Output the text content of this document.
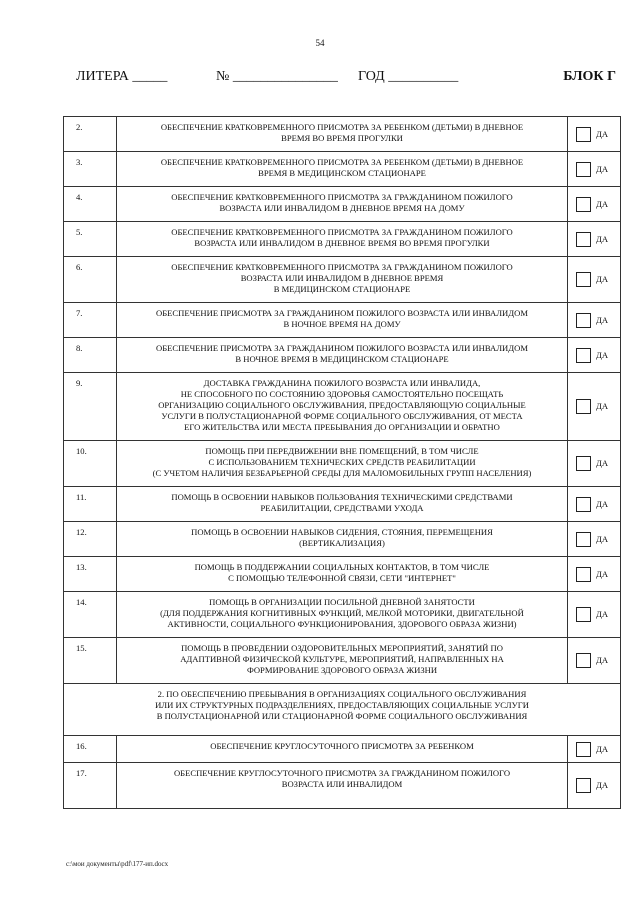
54
ЛИТЕРА _____	№ _______________ ГОД __________	БЛОК Г
2.	ОБЕСПЕЧЕНИЕ КРАТКОВРЕМЕННОГО ПРИСМОТРА ЗА РЕБЕНКОМ (ДЕТЬМИ) В ДНЕВНОЕ
ВРЕМЯ ВО ВРЕМЯ ПРОГУЛКИ	ДА

3.	ОБЕСПЕЧЕНИЕ КРАТКОВРЕМЕННОГО ПРИСМОТРА ЗА РЕБЕНКОМ (ДЕТЬМИ) В ДНЕВНОЕ
ВРЕМЯ В МЕДИЦИНСКОМ СТАЦИОНАРЕ	ДА

4.	ОБЕСПЕЧЕНИЕ КРАТКОВРЕМЕННОГО ПРИСМОТРА ЗА ГРАЖДАНИНОМ ПОЖИЛОГО
ВОЗРАСТА ИЛИ ИНВАЛИДОМ В ДНЕВНОЕ ВРЕМЯ НА ДОМУ	ДА

5.	ОБЕСПЕЧЕНИЕ КРАТКОВРЕМЕННОГО ПРИСМОТРА ЗА ГРАЖДАНИНОМ ПОЖИЛОГО
ВОЗРАСТА ИЛИ ИНВАЛИДОМ В ДНЕВНОЕ ВРЕМЯ ВО ВРЕМЯ ПРОГУЛКИ	ДА

6.	ОБЕСПЕЧЕНИЕ КРАТКОВРЕМЕННОГО ПРИСМОТРА ЗА ГРАЖДАНИНОМ ПОЖИЛОГО
ВОЗРАСТА ИЛИ ИНВАЛИДОМ В ДНЕВНОЕ ВРЕМЯ
В МЕДИЦИНСКОМ СТАЦИОНАРЕ	ДА

7.	ОБЕСПЕЧЕНИЕ ПРИСМОТРА ЗА ГРАЖДАНИНОМ ПОЖИЛОГО ВОЗРАСТА ИЛИ ИНВАЛИДОМ
В НОЧНОЕ ВРЕМЯ НА ДОМУ	ДА

8.	ОБЕСПЕЧЕНИЕ ПРИСМОТРА ЗА ГРАЖДАНИНОМ ПОЖИЛОГО ВОЗРАСТА ИЛИ ИНВАЛИДОМ
В НОЧНОЕ ВРЕМЯ В МЕДИЦИНСКОМ СТАЦИОНАРЕ	ДА

9.	ДОСТАВКА ГРАЖДАНИНА ПОЖИЛОГО ВОЗРАСТА ИЛИ ИНВАЛИДА,
НЕ СПОСОБНОГО ПО СОСТОЯНИЮ ЗДОРОВЬЯ САМОСТОЯТЕЛЬНО ПОСЕЩАТЬ
ОРГАНИЗАЦИЮ СОЦИАЛЬНОГО ОБСЛУЖИВАНИЯ, ПРЕДОСТАВЛЯЮЩУЮ СОЦИАЛЬНЫЕ
УСЛУГИ В ПОЛУСТАЦИОНАРНОЙ ФОРМЕ СОЦИАЛЬНОГО ОБСЛУЖИВАНИЯ, ОТ МЕСТА
ЕГО ЖИТЕЛЬСТВА ИЛИ МЕСТА ПРЕБЫВАНИЯ ДО ОРГАНИЗАЦИИ И ОБРАТНО	ДА

10.	ПОМОЩЬ ПРИ ПЕРЕДВИЖЕНИИ ВНЕ ПОМЕЩЕНИЙ, В ТОМ ЧИСЛЕ
С ИСПОЛЬЗОВАНИЕМ ТЕХНИЧЕСКИХ СРЕДСТВ РЕАБИЛИТАЦИИ
(С УЧЕТОМ НАЛИЧИЯ БЕЗБАРЬЕРНОЙ СРЕДЫ ДЛЯ МАЛОМОБИЛЬНЫХ ГРУПП НАСЕЛЕНИЯ)	ДА

11.	ПОМОЩЬ В ОСВОЕНИИ НАВЫКОВ ПОЛЬЗОВАНИЯ ТЕХНИЧЕСКИМИ СРЕДСТВАМИ
РЕАБИЛИТАЦИИ, СРЕДСТВАМИ УХОДА	ДА

12.	ПОМОЩЬ В ОСВОЕНИИ НАВЫКОВ СИДЕНИЯ, СТОЯНИЯ, ПЕРЕМЕЩЕНИЯ
(ВЕРТИКАЛИЗАЦИЯ)	ДА

13.	ПОМОЩЬ В ПОДДЕРЖАНИИ СОЦИАЛЬНЫХ КОНТАКТОВ, В ТОМ ЧИСЛЕ
С ПОМОЩЬЮ ТЕЛЕФОННОЙ СВЯЗИ, СЕТИ "ИНТЕРНЕТ"	ДА

14.	ПОМОЩЬ В ОРГАНИЗАЦИИ ПОСИЛЬНОЙ ДНЕВНОЙ ЗАНЯТОСТИ
(ДЛЯ ПОДДЕРЖАНИЯ КОГНИТИВНЫХ ФУНКЦИЙ, МЕЛКОЙ МОТОРИКИ, ДВИГАТЕЛЬНОЙ
АКТИВНОСТИ, СОЦИАЛЬНОГО ФУНКЦИОНИРОВАНИЯ, ЗДОРОВОГО ОБРАЗА ЖИЗНИ)	ДА

15.	ПОМОЩЬ В ПРОВЕДЕНИИ ОЗДОРОВИТЕЛЬНЫХ МЕРОПРИЯТИЙ, ЗАНЯТИЙ ПО
АДАПТИВНОЙ ФИЗИЧЕСКОЙ КУЛЬТУРЕ, МЕРОПРИЯТИЙ, НАПРАВЛЕННЫХ НА
ФОРМИРОВАНИЕ ЗДОРОВОГО ОБРАЗА ЖИЗНИ	ДА

2. ПО ОБЕСПЕЧЕНИЮ ПРЕБЫВАНИЯ В ОРГАНИЗАЦИЯХ СОЦИАЛЬНОГО ОБСЛУЖИВАНИЯ
ИЛИ ИХ СТРУКТУРНЫХ ПОДРАЗДЕЛЕНИЯХ, ПРЕДОСТАВЛЯЮЩИХ СОЦИАЛЬНЫЕ УСЛУГИ
В ПОЛУСТАЦИОНАРНОЙ ИЛИ СТАЦИОНАРНОЙ ФОРМЕ СОЦИАЛЬНОГО ОБСЛУЖИВАНИЯ		

16.	ОБЕСПЕЧЕНИЕ КРУГЛОСУТОЧНОГО ПРИСМОТРА ЗА РЕБЕНКОМ	ДА

17.	ОБЕСПЕЧЕНИЕ КРУГЛОСУТОЧНОГО ПРИСМОТРА ЗА ГРАЖДАНИНОМ ПОЖИЛОГО
ВОЗРАСТА ИЛИ ИНВАЛИДОМ	ДА
c:\мои документы\pdf\177-ип.docx
